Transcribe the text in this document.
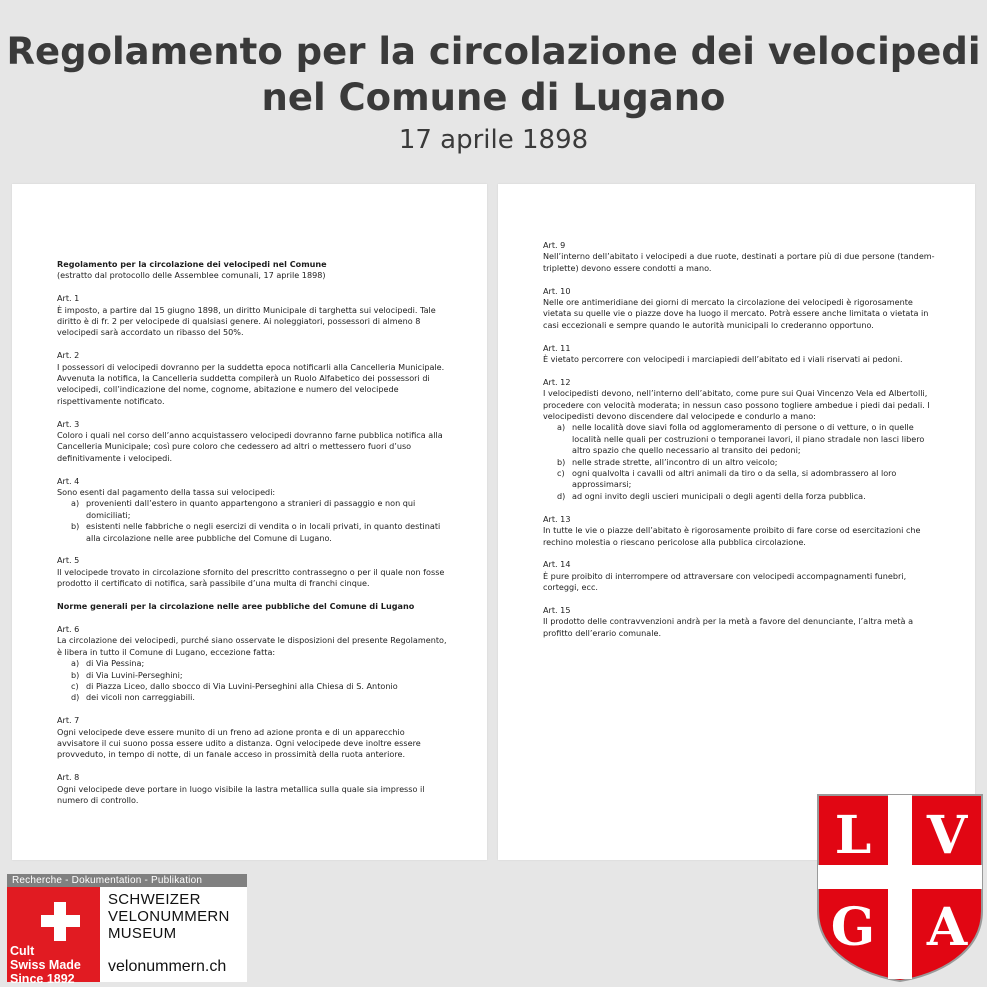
Regolamento per la circolazione dei velocipedi
nel Comune di Lugano

17 aprile 1898

Regolamento per la circolazione dei velocipedi nel Comune

(estratto dal protocollo delle Assemblee comunali, 17 aprile 1898)

Art. 1

È imposto, a partire dal 15 giugno 1898, un diritto Municipale di targhetta sui velocipedi. Tale diritto è di fr. 2 per velocipede di qualsiasi genere. Ai noleggiatori, possessori di almeno 8 velocipedi sarà accordato un ribasso del 50%.

Art. 2

I possessori di velocipedi dovranno per la suddetta epoca notificarli alla Cancelleria Municipale. Avvenuta la notifica, la Cancelleria suddetta compilerà un Ruolo Alfabetico dei possessori di velocipedi, coll’indicazione del nome, cognome, abitazione e numero del velocipede rispettivamente notificato.

Art. 3

Coloro i quali nel corso dell’anno acquistassero velocipedi dovranno farne pubblica notifica alla Cancelleria Municipale; così pure coloro che cedessero ad altri o mettessero fuori d’uso definitivamente i velocipedi.

Art. 4

Sono esenti dal pagamento della tassa sui velocipedi:

a) provenienti dall’estero in quanto appartengono a stranieri di passaggio e non qui domiciliati;
b) esistenti nelle fabbriche o negli esercizi di vendita o in locali privati, in quanto destinati alla circolazione nelle aree pubbliche del Comune di Lugano.
Art. 5

Il velocipede trovato in circolazione sfornito del prescritto contrassegno o per il quale non fosse prodotto il certificato di notifica, sarà passibile d’una multa di franchi cinque.

Norme generali per la circolazione nelle aree pubbliche del Comune di Lugano

Art. 6

La circolazione dei velocipedi, purché siano osservate le disposizioni del presente Regolamento, è libera in tutto il Comune di Lugano, eccezione fatta:

a) di Via Pessina;
b) di Via Luvini-Perseghini;
c) di Piazza Liceo, dallo sbocco di Via Luvini-Perseghini alla Chiesa di S. Antonio
d) dei vicoli non carreggiabili.
Art. 7

Ogni velocipede deve essere munito di un freno ad azione pronta e di un apparecchio avvisatore il cui suono possa essere udito a distanza. Ogni velocipede deve inoltre essere provveduto, in tempo di notte, di un fanale acceso in prossimità della ruota anteriore.

Art. 8

Ogni velocipede deve portare in luogo visibile la lastra metallica sulla quale sia impresso il numero di controllo.

Art. 9

Nell’interno dell’abitato i velocipedi a due ruote, destinati a portare più di due persone (tandem-triplette) devono essere condotti a mano.

Art. 10

Nelle ore antimeridiane dei giorni di mercato la circolazione dei velocipedi è rigorosamente vietata su quelle vie o piazze dove ha luogo il mercato. Potrà essere anche limitata o vietata in casi eccezionali e sempre quando le autorità municipali lo crederanno opportuno.

Art. 11

È vietato percorrere con velocipedi i marciapiedi dell’abitato ed i viali riservati ai pedoni.

Art. 12

I velocipedisti devono, nell’interno dell’abitato, come pure sui Quai Vincenzo Vela ed Albertolli, procedere con velocità moderata; in nessun caso possono togliere ambedue i piedi dai pedali. I velocipedisti devono discendere dal velocipede e condurlo a mano:

a) nelle località dove siavi folla od agglomeramento di persone o di vetture, o in quelle località nelle quali per costruzioni o temporanei lavori, il piano stradale non lasci libero altro spazio che quello necessario al transito dei pedoni;
b) nelle strade strette, all’incontro di un altro veicolo;
c) ogni qualvolta i cavalli od altri animali da tiro o da sella, si adombrassero al loro approssimarsi;
d) ad ogni invito degli uscieri municipali o degli agenti della forza pubblica.
Art. 13

In tutte le vie o piazze dell’abitato è rigorosamente proibito di fare corse od esercitazioni che rechino molestia o riescano pericolose alla pubblica circolazione.

Art. 14

È pure proibito di interrompere od attraversare con velocipedi accompagnamenti funebri, corteggi, ecc.

Art. 15

Il prodotto delle contravvenzioni andrà per la metà a favore del denunciante, l’altra metà a profitto dell’erario comunale.

Recherche - Dokumentation - Publikation
Cult
Swiss Made
Since 1892
SCHWEIZER
VELONUMMERN
MUSEUM
velonummern.ch
L V
G A
